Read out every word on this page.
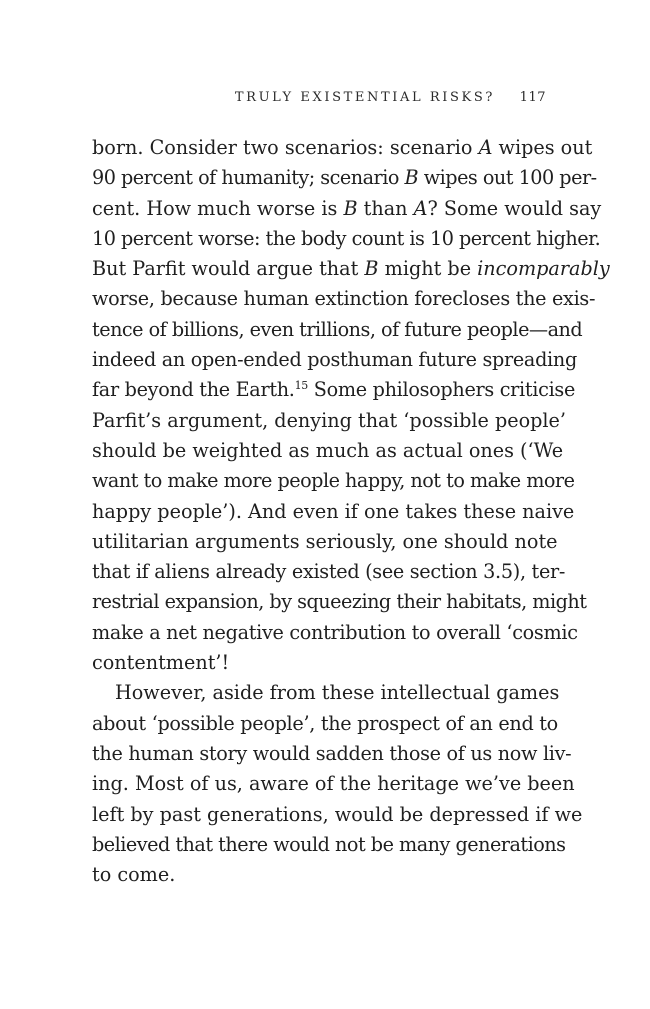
TRULY EXISTENTIAL RISKS? 117
born. Consider two scenarios: scenario A wipes out
90 percent of humanity; scenario B wipes out 100 per-
cent. How much worse is B than A? Some would say
10 percent worse: the body count is 10 percent higher.
But Parfit would argue that B might be incomparably
worse, because human extinction forecloses the exis-
tence of billions, even trillions, of future people—and
indeed an open-ended posthuman future spreading
far beyond the Earth.$^{15}$ Some philosophers criticise
Parfit’s argument, denying that ‘possible people’
should be weighted as much as actual ones (‘We
want to make more people happy, not to make more
happy people’). And even if one takes these naive
utilitarian arguments seriously, one should note
that if aliens already existed (see section 3.5), ter-
restrial expansion, by squeezing their habitats, might
make a net negative contribution to overall ‘cosmic
contentment’!
However, aside from these intellectual games
about ‘possible people’, the prospect of an end to
the human story would sadden those of us now liv-
ing. Most of us, aware of the heritage we’ve been
left by past generations, would be depressed if we
believed that there would not be many generations
to come.
